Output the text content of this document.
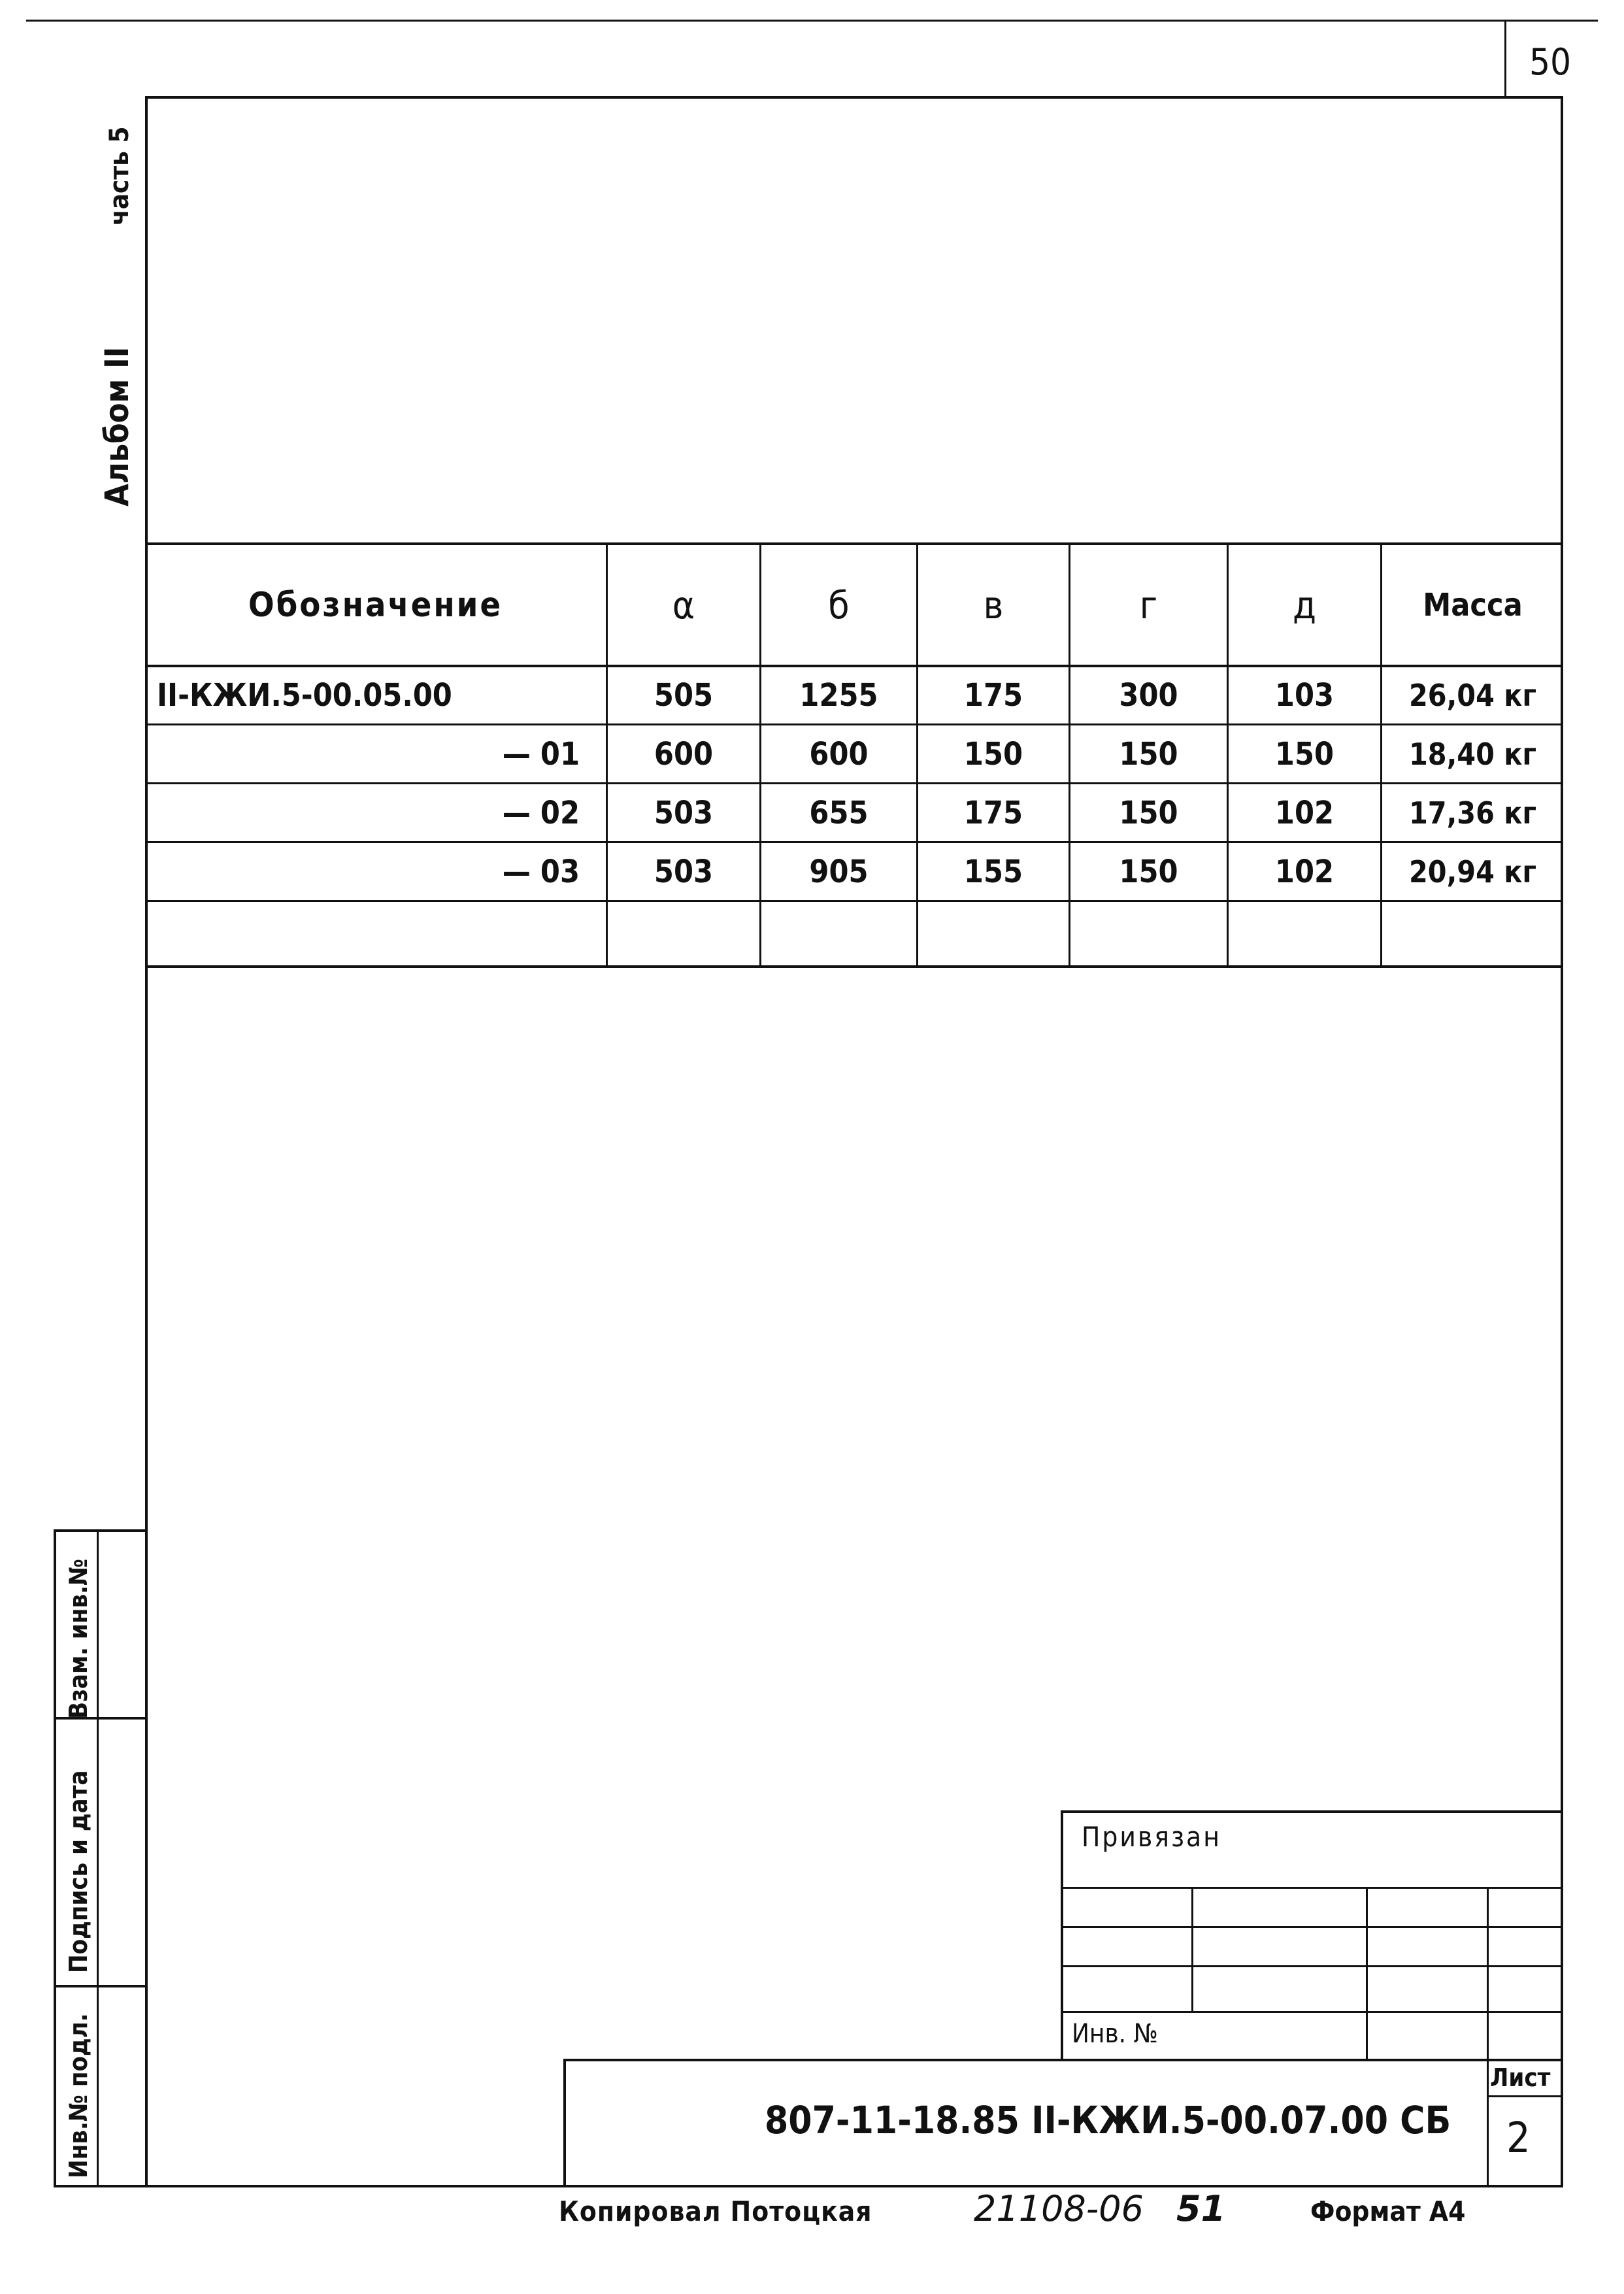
50
Альбом II
часть 5
Обозначение	α	б	в	г	д	Масса
II-КЖИ.5-00.05.00	505	1255	175	300	103	26,04 кг
— 01	600	600	150	150	150	18,40 кг
— 02	503	655	175	150	102	17,36 кг
— 03	503	905	155	150	102	20,94 кг
Взам. инв.№
Подпись и дата
Инв.№ подл.
Привязан
Инв. №
807-11-18.85 II-КЖИ.5-00.07.00 СБ
Лист
2
Копировал Потоцкая	21108-06 51	Формат А4
